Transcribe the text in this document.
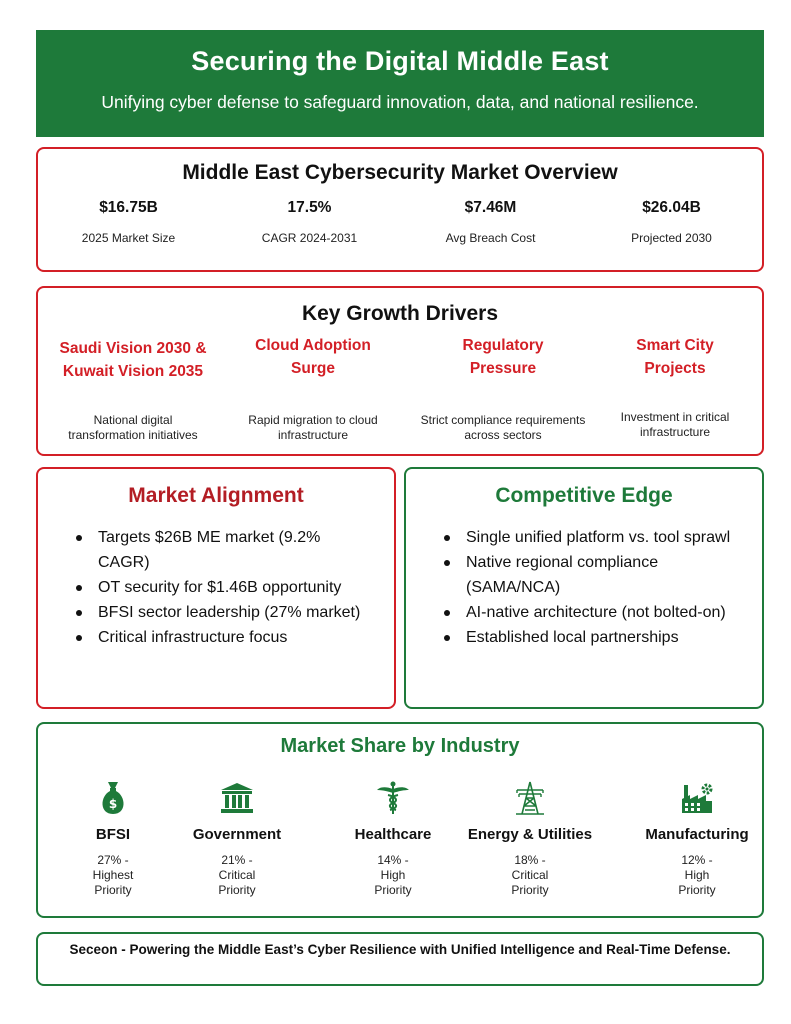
Securing the Digital Middle East

Unifying cyber defense to safeguard innovation, data, and national resilience.

Middle East Cybersecurity Market Overview
$16.75B
2025 Market Size
17.5%
CAGR 2024-2031
$7.46M
Avg Breach Cost
$26.04B
Projected 2030
Key Growth Drivers
Saudi Vision 2030 & Kuwait Vision 2035
National digital transformation initiatives
Cloud Adoption Surge
Rapid migration to cloud infrastructure
Regulatory Pressure
Strict compliance requirements across sectors
Smart City Projects
Investment in critical infrastructure
Market Alignment
Targets $26B ME market (9.2% CAGR)
OT security for $1.46B opportunity
BFSI sector leadership (27% market)
Critical infrastructure focus
Competitive Edge
Single unified platform vs. tool sprawl
Native regional compliance (SAMA/NCA)
AI-native architecture (not bolted-on)
Established local partnerships
Market Share by Industry
$
BFSI
27% - Highest Priority
Government
21% - Critical Priority
Healthcare
14% - High Priority
Energy & Utilities
18% - Critical Priority
Manufacturing
12% - High Priority

Seceon - Powering the Middle East’s Cyber Resilience with Unified Intelligence and Real-Time Defense.
